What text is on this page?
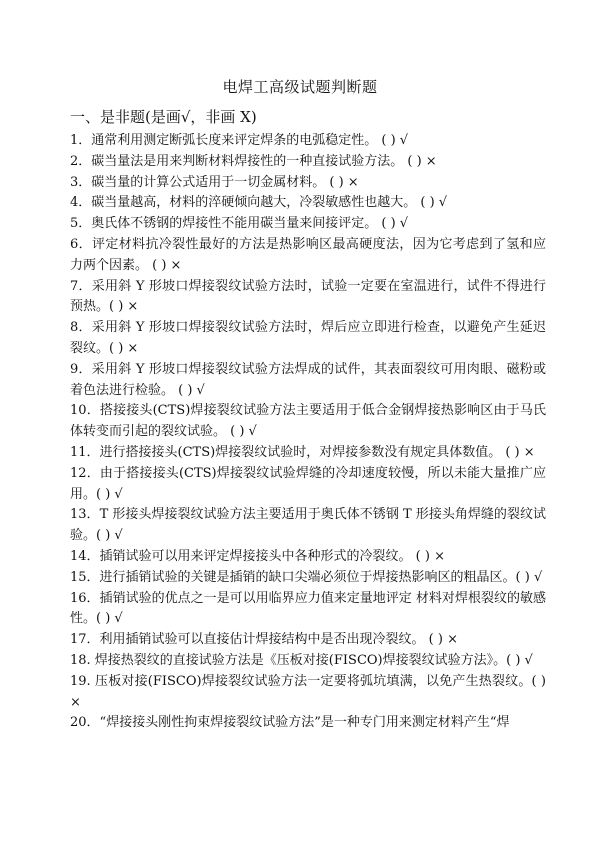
电焊工高级试题判断题
一、是非题(是画√，非画 X)

1．通常利用测定断弧长度来评定焊条的电弧稳定性。 ( ) √

2．碳当量法是用来判断材料焊接性的一种直接试验方法。 ( ) ×

3．碳当量的计算公式适用于一切金属材料。 ( ) ×

4．碳当量越高，材料的淬硬倾向越大，冷裂敏感性也越大。 ( ) √

5．奥氏体不锈钢的焊接性不能用碳当量来间接评定。 ( ) √

6．评定材料抗冷裂性最好的方法是热影响区最高硬度法，因为它考虑到了氢和应力两个因素。 ( ) ×

7．采用斜 Y 形坡口焊接裂纹试验方法时，试验一定要在室温进行，试件不得进行预热。( ) ×

8．采用斜 Y 形坡口焊接裂纹试验方法时，焊后应立即进行检查，以避免产生延迟裂纹。( ) ×

9．采用斜 Y 形坡口焊接裂纹试验方法焊成的试件，其表面裂纹可用肉眼、磁粉或着色法进行检验。 ( ) √

10．搭接接头(CTS)焊接裂纹试验方法主要适用于低合金钢焊接热影响区由于马氏体转变而引起的裂纹试验。 ( ) √

11．进行搭接接头(CTS)焊接裂纹试验时，对焊接参数没有规定具体数值。 ( ) ×

12．由于搭接接头(CTS)焊接裂纹试验焊缝的冷却速度较慢，所以未能大量推广应用。( ) √

13．T 形接头焊接裂纹试验方法主要适用于奥氏体不锈钢 T 形接头角焊缝的裂纹试验。( ) √

14．插销试验可以用来评定焊接接头中各种形式的冷裂纹。 ( ) ×

15．进行插销试验的关键是插销的缺口尖端必须位于焊接热影响区的粗晶区。( ) √

16．插销试验的优点之一是可以用临界应力值来定量地评定 材料对焊根裂纹的敏感性。( ) √

17．利用插销试验可以直接估计焊接结构中是否出现冷裂纹。 ( ) ×

18. 焊接热裂纹的直接试验方法是《压板对接(FISCO)焊接裂纹试验方法》。( ) √

19. 压板对接(FISCO)焊接裂纹试验方法一定要将弧坑填满，以免产生热裂纹。( ) ×

20．“焊接接头刚性拘束焊接裂纹试验方法”是一种专门用来测定材料产生“焊
